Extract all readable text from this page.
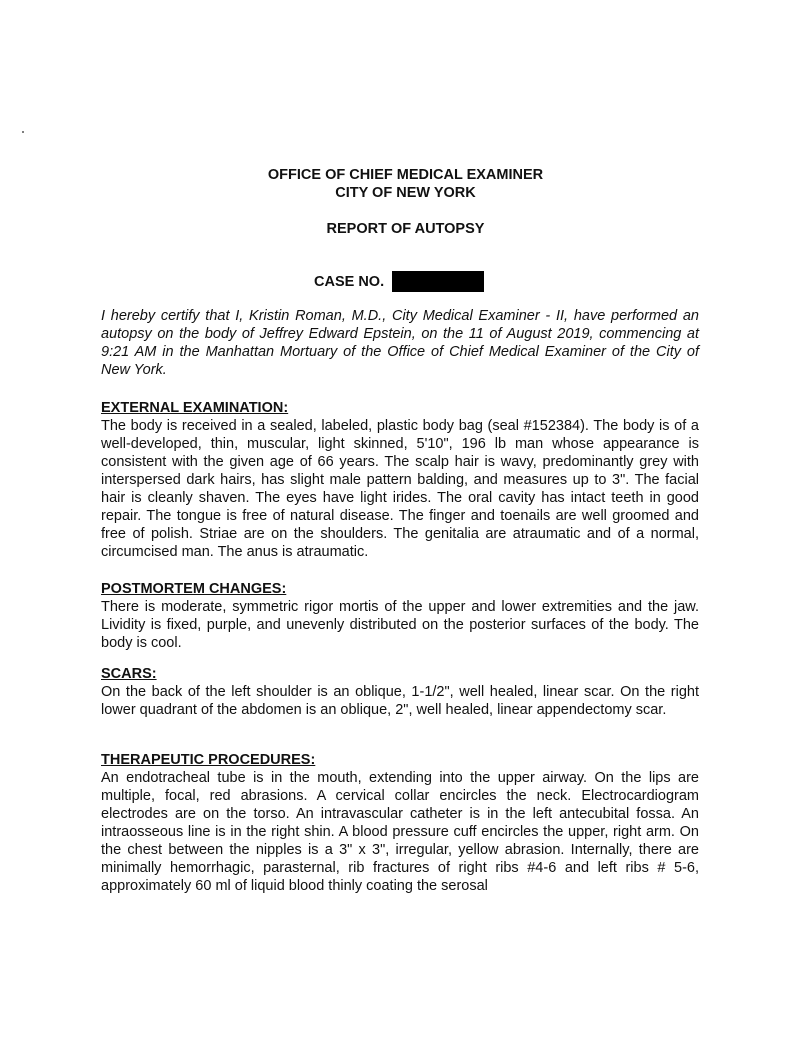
OFFICE OF CHIEF MEDICAL EXAMINER
CITY OF NEW YORK
REPORT OF AUTOPSY
CASE NO.
I hereby certify that I, Kristin Roman, M.D., City Medical Examiner - II, have performed an autopsy on the body of Jeffrey Edward Epstein, on the 11 of August 2019, commencing at 9:21 AM in the Manhattan Mortuary of the Office of Chief Medical Examiner of the City of New York.
EXTERNAL EXAMINATION:
The body is received in a sealed, labeled, plastic body bag (seal #152384). The body is of a well-developed, thin, muscular, light skinned, 5'10", 196 lb man whose appearance is consistent with the given age of 66 years. The scalp hair is wavy, predominantly grey with interspersed dark hairs, has slight male pattern balding, and measures up to 3". The facial hair is cleanly shaven. The eyes have light irides. The oral cavity has intact teeth in good repair. The tongue is free of natural disease. The finger and toenails are well groomed and free of polish. Striae are on the shoulders. The genitalia are atraumatic and of a normal, circumcised man. The anus is atraumatic.
POSTMORTEM CHANGES:
There is moderate, symmetric rigor mortis of the upper and lower extremities and the jaw. Lividity is fixed, purple, and unevenly distributed on the posterior surfaces of the body. The body is cool.
SCARS:
On the back of the left shoulder is an oblique, 1-1/2", well healed, linear scar. On the right lower quadrant of the abdomen is an oblique, 2", well healed, linear appendectomy scar.
THERAPEUTIC PROCEDURES:
An endotracheal tube is in the mouth, extending into the upper airway. On the lips are multiple, focal, red abrasions. A cervical collar encircles the neck. Electrocardiogram electrodes are on the torso. An intravascular catheter is in the left antecubital fossa. An intraosseous line is in the right shin. A blood pressure cuff encircles the upper, right arm. On the chest between the nipples is a 3" x 3", irregular, yellow abrasion. Internally, there are minimally hemorrhagic, parasternal, rib fractures of right ribs #4-6 and left ribs # 5-6, approximately 60 ml of liquid blood thinly coating the serosal
